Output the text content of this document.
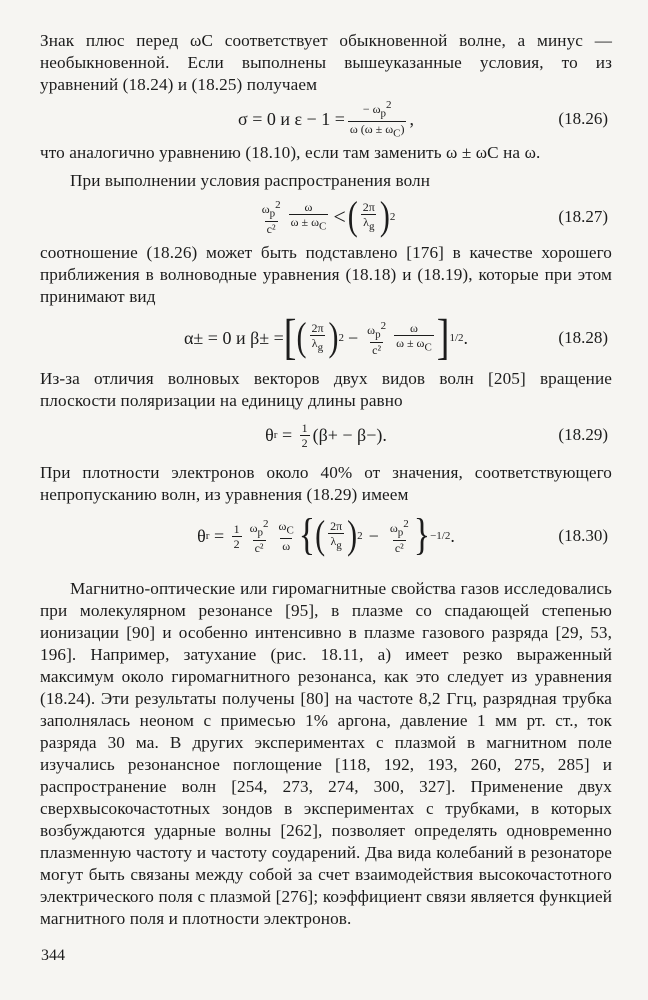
Знак плюс перед ωC соответствует обыкновенной волне, а минус — необыкновенной. Если выполнены вышеуказанные условия, то из уравнений (18.24) и (18.25) получаем

σ = 0 и $\varepsilon - 1 = \frac{- \omega_p^2}{\omega (\omega \pm \omega_C)}$ ,	(18.26)

что аналогично уравнению (18.10), если там заменить ω ± ωC на ω.

При выполнении условия распространения волн

$\frac{\omega_p^2}{\text{c²}} \frac{\omega}{\omega \pm \omega_C}$ < ( $\frac{2\pi}{\lambda_g}$ ) 2	(18.27)

соотношение (18.26) может быть подставлено [176] в качестве хорошего приближения в волноводные уравнения (18.18) и (18.19), которые при этом принимают вид

α± = 0 и β± = [ ( $\frac{2\pi}{\lambda_g}$ ) $2 - \frac{\omega_p^2}{\text{c²}} \frac{\omega}{\omega \pm \omega_C}$ ] 1/2 .	(18.28)

Из-за отличия волновых векторов двух видов волн [205] вращение плоскости поляризации на единицу длины равно

θ $r = \frac{1}{2} (\beta+ - \beta-)$.	(18.29)

При плотности электронов около 40% от значения, соответствующего непропусканию волн, из уравнения (18.29) имеем

θ $r = \frac{1}{2} \frac{\omega_p^2}{\text{c²}} \frac{\omega_C}{\omega}$ { ( $\frac{2\pi}{\lambda_g}$ ) $2 - \frac{\omega_p^2}{\text{c²}}$ } −1/2 .	(18.30)

Магнитно-оптические или гиромагнитные свойства газов исследовались при молекулярном резонансе [95], в плазме со спадающей степенью ионизации [90] и особенно интенсивно в плазме газового разряда [29, 53, 196]. Например, затухание (рис. 18.11, а) имеет резко выраженный максимум около гиромагнитного резонанса, как это следует из уравнения (18.24). Эти результаты получены [80] на частоте 8,2 Ггц, разрядная трубка заполнялась неоном с примесью 1% аргона, давление 1 мм рт. ст., ток разряда 30 ма. В других экспериментах с плазмой в магнитном поле изучались резонансное поглощение [118, 192, 193, 260, 275, 285] и распространение волн [254, 273, 274, 300, 327]. Применение двух сверхвысокочастотных зондов в экспериментах с трубками, в которых возбуждаются ударные волны [262], позволяет определять одновременно плазменную частоту и частоту соударений. Два вида колебаний в резонаторе могут быть связаны между собой за счет взаимодействия высокочастотного электрического поля с плазмой [276]; коэффициент связи является функцией магнитного поля и плотности электронов.

344
